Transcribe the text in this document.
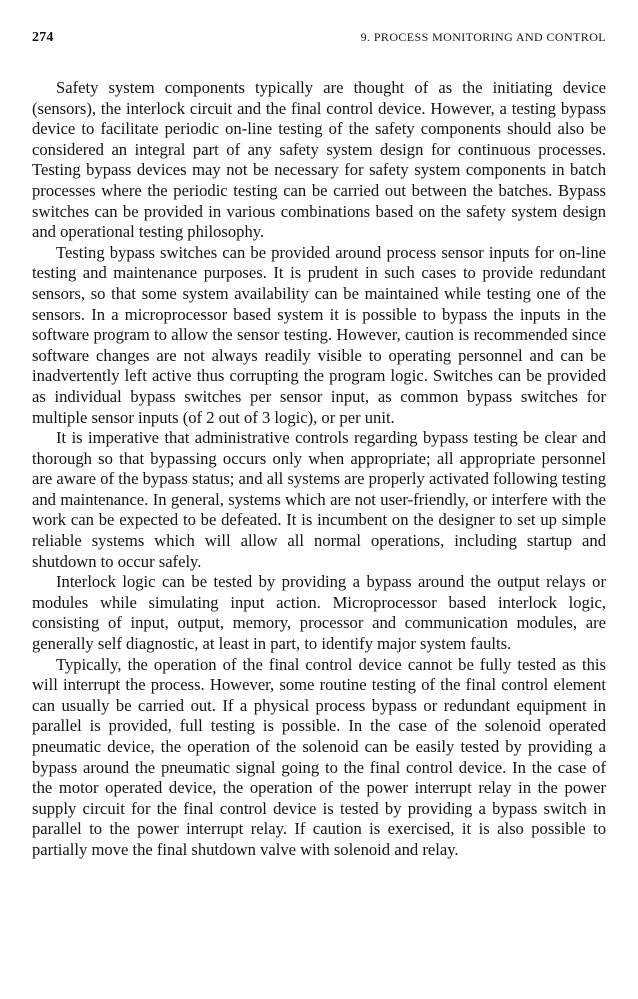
274	9. PROCESS MONITORING AND CONTROL

Safety system components typically are thought of as the initiating device (sensors), the interlock circuit and the final control device. However, a testing bypass device to facilitate periodic on-line testing of the safety components should also be considered an integral part of any safety system design for continuous processes. Testing bypass devices may not be necessary for safety system components in batch processes where the periodic testing can be carried out between the batches. Bypass switches can be provided in various combinations based on the safety system design and operational testing philosophy.

Testing bypass switches can be provided around process sensor inputs for on-line testing and maintenance purposes. It is prudent in such cases to provide redundant sensors, so that some system availability can be maintained while testing one of the sensors. In a microprocessor based system it is possible to bypass the inputs in the software program to allow the sensor testing. However, caution is recommended since software changes are not always readily visible to operating personnel and can be inadvertently left active thus corrupting the program logic. Switches can be provided as individual bypass switches per sensor input, as common bypass switches for multiple sensor inputs (of 2 out of 3 logic), or per unit.

It is imperative that administrative controls regarding bypass testing be clear and thorough so that bypassing occurs only when appropriate; all appropriate personnel are aware of the bypass status; and all systems are properly activated following testing and maintenance. In general, systems which are not user-friendly, or interfere with the work can be expected to be defeated. It is incumbent on the designer to set up simple reliable systems which will allow all normal operations, including startup and shutdown to occur safely.

Interlock logic can be tested by providing a bypass around the output relays or modules while simulating input action. Microprocessor based interlock logic, consisting of input, output, memory, processor and communication modules, are generally self diagnostic, at least in part, to identify major system faults.

Typically, the operation of the final control device cannot be fully tested as this will interrupt the process. However, some routine testing of the final control element can usually be carried out. If a physical process bypass or redundant equipment in parallel is provided, full testing is possible. In the case of the solenoid operated pneumatic device, the operation of the solenoid can be easily tested by providing a bypass around the pneumatic signal going to the final control device. In the case of the motor operated device, the operation of the power interrupt relay in the power supply circuit for the final control device is tested by providing a bypass switch in parallel to the power interrupt relay. If caution is exercised, it is also possible to partially move the final shutdown valve with solenoid and relay.
